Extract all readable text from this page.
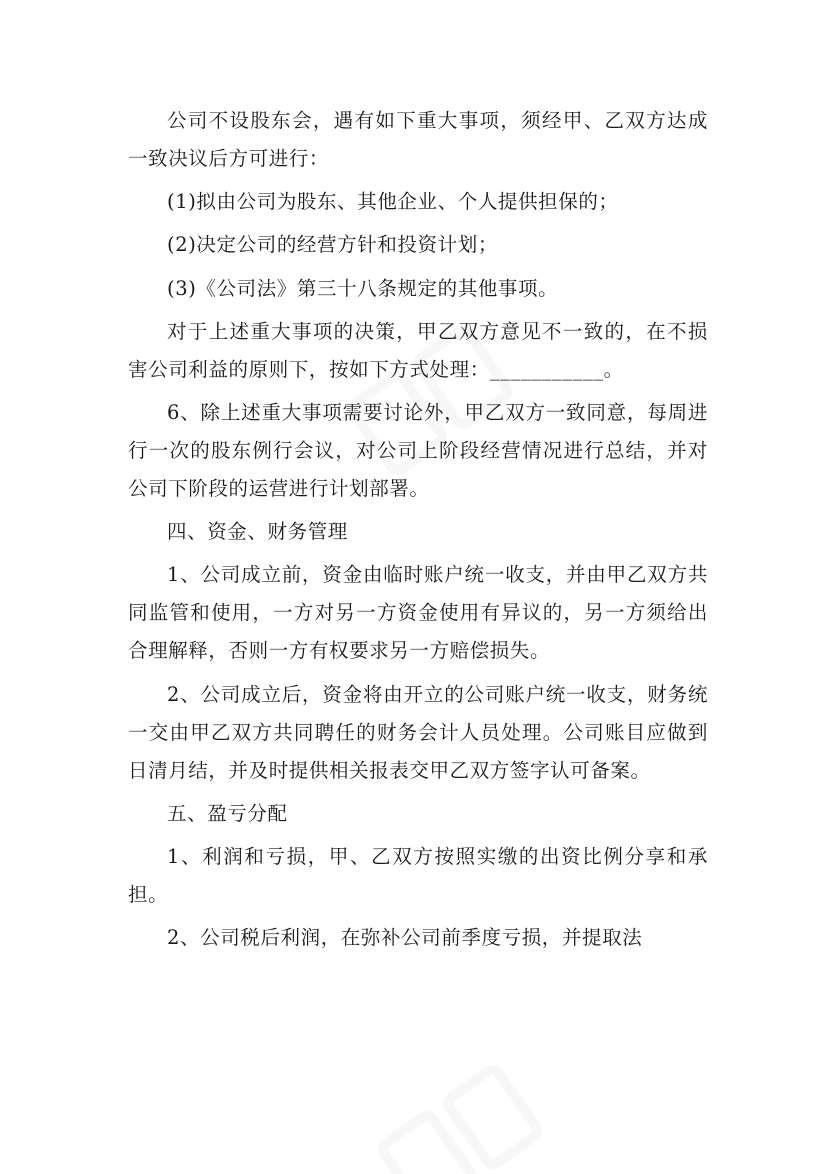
公司不设股东会，遇有如下重大事项，须经甲、乙双方达成一致决议后方可进行：

(1)拟由公司为股东、其他企业、个人提供担保的；

(2)决定公司的经营方针和投资计划；

(3)《公司法》第三十八条规定的其他事项。

对于上述重大事项的决策，甲乙双方意见不一致的，在不损害公司利益的原则下，按如下方式处理：___________。

6、除上述重大事项需要讨论外，甲乙双方一致同意，每周进行一次的股东例行会议，对公司上阶段经营情况进行总结，并对公司下阶段的运营进行计划部署。

四、资金、财务管理

1、公司成立前，资金由临时账户统一收支，并由甲乙双方共同监管和使用，一方对另一方资金使用有异议的，另一方须给出合理解释，否则一方有权要求另一方赔偿损失。

2、公司成立后，资金将由开立的公司账户统一收支，财务统一交由甲乙双方共同聘任的财务会计人员处理。公司账目应做到日清月结，并及时提供相关报表交甲乙双方签字认可备案。

五、盈亏分配

1、利润和亏损，甲、乙双方按照实缴的出资比例分享和承担。

2、公司税后利润，在弥补公司前季度亏损，并提取法
